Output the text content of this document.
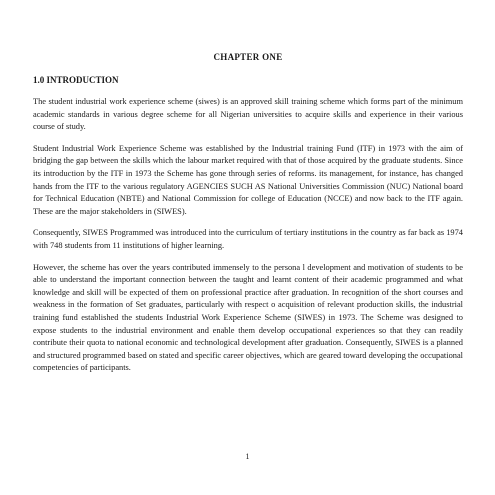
CHAPTER ONE
1.0 INTRODUCTION

The student industrial work experience scheme (siwes) is an approved skill training scheme which forms part of the minimum academic standards in various degree scheme for all Nigerian universities to acquire skills and experience in their various course of study.

Student Industrial Work Experience Scheme was established by the Industrial training Fund (ITF) in 1973 with the aim of bridging the gap between the skills which the labour market required with that of those acquired by the graduate students. Since its introduction by the ITF in 1973 the Scheme has gone through series of reforms. its management, for instance, has changed hands from the ITF to the various regulatory AGENCIES SUCH AS National Universities Commission (NUC) National board for Technical Education (NBTE) and National Commission for college of Education (NCCE) and now back to the ITF again. These are the major stakeholders in (SIWES).

Consequently, SIWES Programmed was introduced into the curriculum of tertiary institutions in the country as far back as 1974 with 748 students from 11 institutions of higher learning.

However, the scheme has over the years contributed immensely to the persona l development and motivation of students to be able to understand the important connection between the taught and learnt content of their academic programmed and what knowledge and skill will be expected of them on professional practice after graduation. In recognition of the short courses and weakness in the formation of Set graduates, particularly with respect o acquisition of relevant production skills, the industrial training fund established the students Industrial Work Experience Scheme (SIWES) in 1973. The Scheme was designed to expose students to the industrial environment and enable them develop occupational experiences so that they can readily contribute their quota to national economic and technological development after graduation. Consequently, SIWES is a planned and structured programmed based on stated and specific career objectives, which are geared toward developing the occupational competencies of participants.

1
